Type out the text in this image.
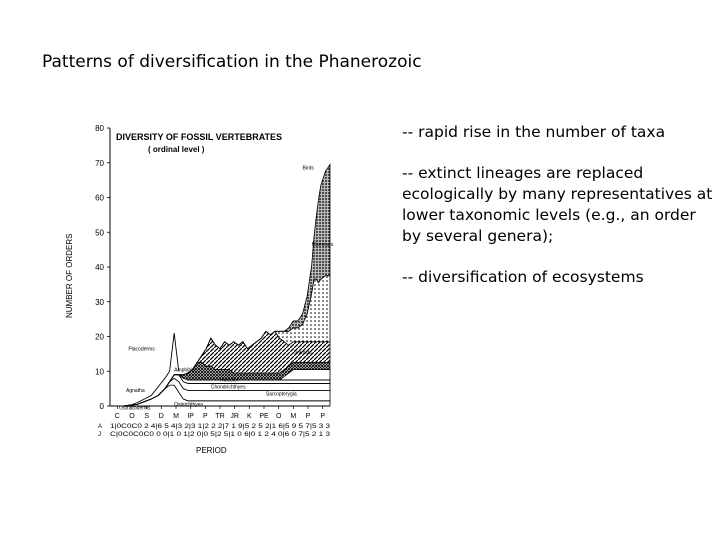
Patterns of diversification in the Phanerozoic
-- rapid rise in the number of taxa
-- extinct lineages are replaced ecologically by many representatives at lower taxonomic levels (e.g., an order by several genera);
-- diversification of ecosystems
0
10
20
30
40
50
60
70
80
C O S D M IP P TR JR K PE O M P P
A 1|0C0C0 2 4|6 5 4|3 2|3 1|2 2 2|7 1 9|5 2 5 2|1 6|5 9 5 7|5 3 3
J C|0C0C0C0 0 0|1 0 1|2 0|0 5|2 5|1 0 6|0 1 2 4 0|6 0 7|5 2 1 3
Placoderms
Agnatha
Ostracoderms
Chondrichthyes
Holostei
Osteichthyes
Sarcopterygia
Teleosts
Amphibia
Mammals
Birds
DIVERSITY OF FOSSIL VERTEBRATES
( ordinal level )
NUMBER OF ORDERS
PERIOD
